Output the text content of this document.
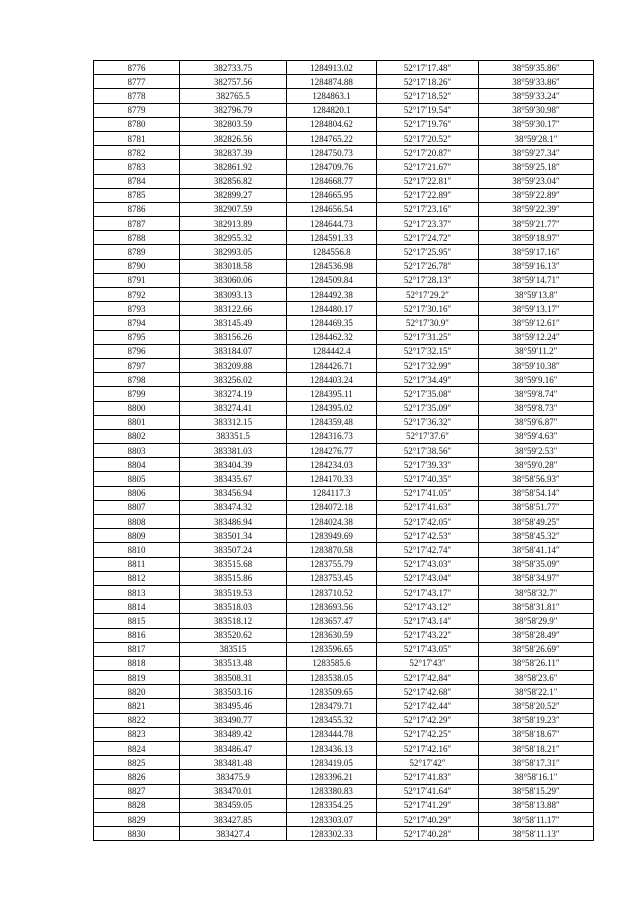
8776	382733.75	1284913.02	52°17′17.48″	38°59′35.86″
8777	382757.56	1284874.88	52°17′18.26″	38°59′33.86″
8778	382765.5	1284863.1	52°17′18.52″	38°59′33.24″
8779	382796.79	1284820.1	52°17′19.54″	38°59′30.98″
8780	382803.59	1284804.62	52°17′19.76″	38°59′30.17″
8781	382826.56	1284765.22	52°17′20.52″	38°59′28.1″
8782	382837.39	1284750.73	52°17′20.87″	38°59′27.34″
8783	382861.92	1284709.76	52°17′21.67″	38°59′25.18″
8784	382856.82	1284668.77	52°17′22.81″	38°59′23.04″
8785	382899.27	1284665.95	52°17′22.89″	38°59′22.89″
8786	382907.59	1284656.54	52°17′23.16″	38°59′22.39″
8787	382913.89	1284644.73	52°17′23.37″	38°59′21.77″
8788	382955.32	1284591.33	52°17′24.72″	38°59′18.97″
8789	382993.05	1284556.8	52°17′25.95″	38°59′17.16″
8790	383018.58	1284536.98	52°17′26.78″	38°59′16.13″
8791	383060.06	1284509.84	52°17′28.13″	38°59′14.71″
8792	383093.13	1284492.38	52°17′29.2″	38°59′13.8″
8793	383122.66	1284480.17	52°17′30.16″	38°59′13.17″
8794	383145.49	1284469.35	52°17′30.9″	38°59′12.61″
8795	383156.26	1284462.32	52°17′31.25″	38°59′12.24″
8796	383184.07	1284442.4	52°17′32.15″	38°59′11.2″
8797	383209.88	1284426.71	52°17′32.99″	38°59′10.38″
8798	383256.02	1284403.24	52°17′34.49″	38°59′9.16″
8799	383274.19	1284395.11	52°17′35.08″	38°59′8.74″
8800	383274.41	1284395.02	52°17′35.09″	38°59′8.73″
8801	383312.15	1284359.48	52°17′36.32″	38°59′6.87″
8802	383351.5	1284316.73	52°17′37.6″	38°59′4.63″
8803	383381.03	1284276.77	52°17′38.56″	38°59′2.53″
8804	383404.39	1284234.03	52°17′39.33″	38°59′0.28″
8805	383435.67	1284170.33	52°17′40.35″	38°58′56.93″
8806	383456.94	1284117.3	52°17′41.05″	38°58′54.14″
8807	383474.32	1284072.18	52°17′41.63″	38°58′51.77″
8808	383486.94	1284024.38	52°17′42.05″	38°58′49.25″
8809	383501.34	1283949.69	52°17′42.53″	38°58′45.32″
8810	383507.24	1283870.58	52°17′42.74″	38°58′41.14″
8811	383515.68	1283755.79	52°17′43.03″	38°58′35.09″
8812	383515.86	1283753.45	52°17′43.04″	38°58′34.97″
8813	383519.53	1283710.52	52°17′43.17″	38°58′32.7″
8814	383518.03	1283693.56	52°17′43.12″	38°58′31.81″
8815	383518.12	1283657.47	52°17′43.14″	38°58′29.9″
8816	383520.62	1283630.59	52°17′43.22″	38°58′28.49″
8817	383515	1283596.65	52°17′43.05″	38°58′26.69″
8818	383513.48	1283585.6	52°17′43″	38°58′26.11″
8819	383508.31	1283538.05	52°17′42.84″	38°58′23.6″
8820	383503.16	1283509.65	52°17′42.68″	38°58′22.1″
8821	383495.46	1283479.71	52°17′42.44″	38°58′20.52″
8822	383490.77	1283455.32	52°17′42.29″	38°58′19.23″
8823	383489.42	1283444.78	52°17′42.25″	38°58′18.67″
8824	383486.47	1283436.13	52°17′42.16″	38°58′18.21″
8825	383481.48	1283419.05	52°17′42″	38°58′17.31″
8826	383475.9	1283396.21	52°17′41.83″	38°58′16.1″
8827	383470.01	1283380.83	52°17′41.64″	38°58′15.29″
8828	383459.05	1283354.25	52°17′41.29″	38°58′13.88″
8829	383427.85	1283303.07	52°17′40.29″	38°58′11.17″
8830	383427.4	1283302.33	52°17′40.28″	38°58′11.13″
